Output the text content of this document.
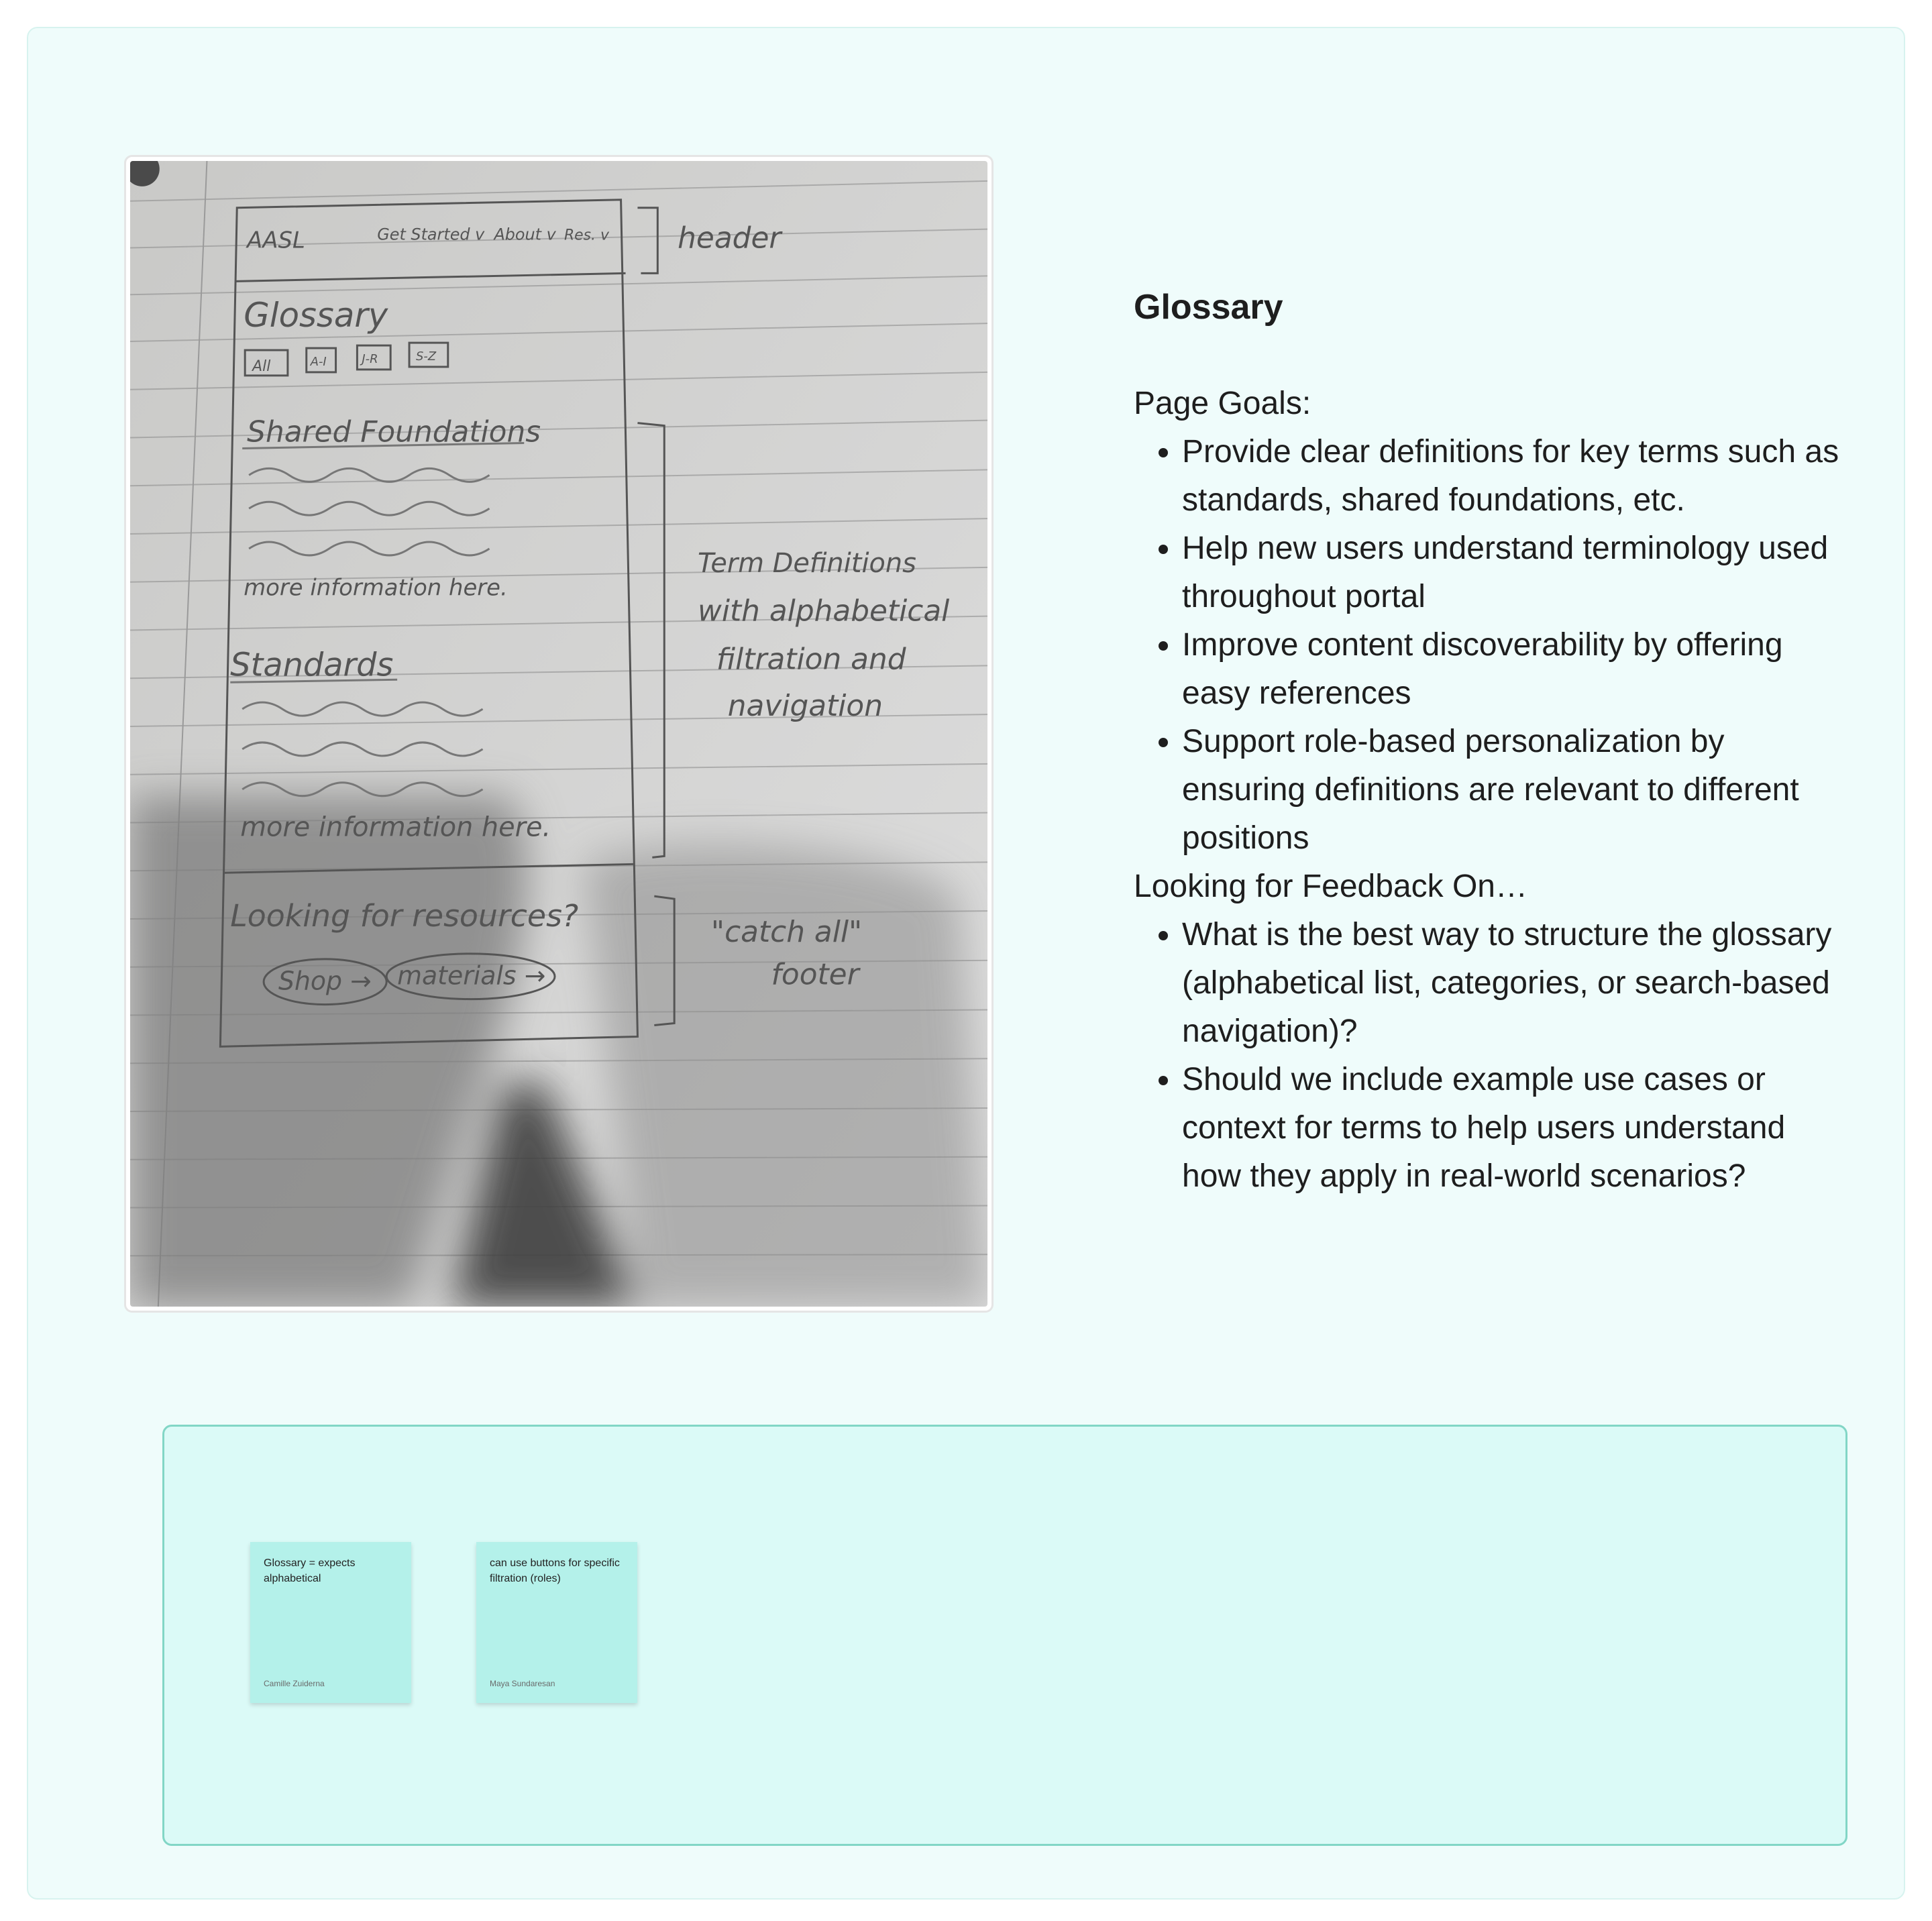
AASL	Get Started v About v Res. v header
Glossary
All	A-I	J-R	S-Z
Shared Foundations
more information here.
Standards
more information here.
Term Definitions
with alphabetical
filtration and
navigation
Looking for resources?
Shop → materials →
"catch all"
footer

Glossary

Page Goals:

• Provide clear definitions for key terms such as standards, shared foundations, etc.
• Help new users understand terminology used throughout portal
• Improve content discoverability by offering easy references
• Support role-based personalization by ensuring definitions are relevant to different positions

Looking for Feedback On…

• What is the best way to structure the glossary (alphabetical list, categories, or search-based navigation)?
• Should we include example use cases or context for terms to help users understand how they apply in real-world scenarios?

Glossary = expects alphabetical

Camille Zuiderna

can use buttons for specific filtration (roles)

Maya Sundaresan
